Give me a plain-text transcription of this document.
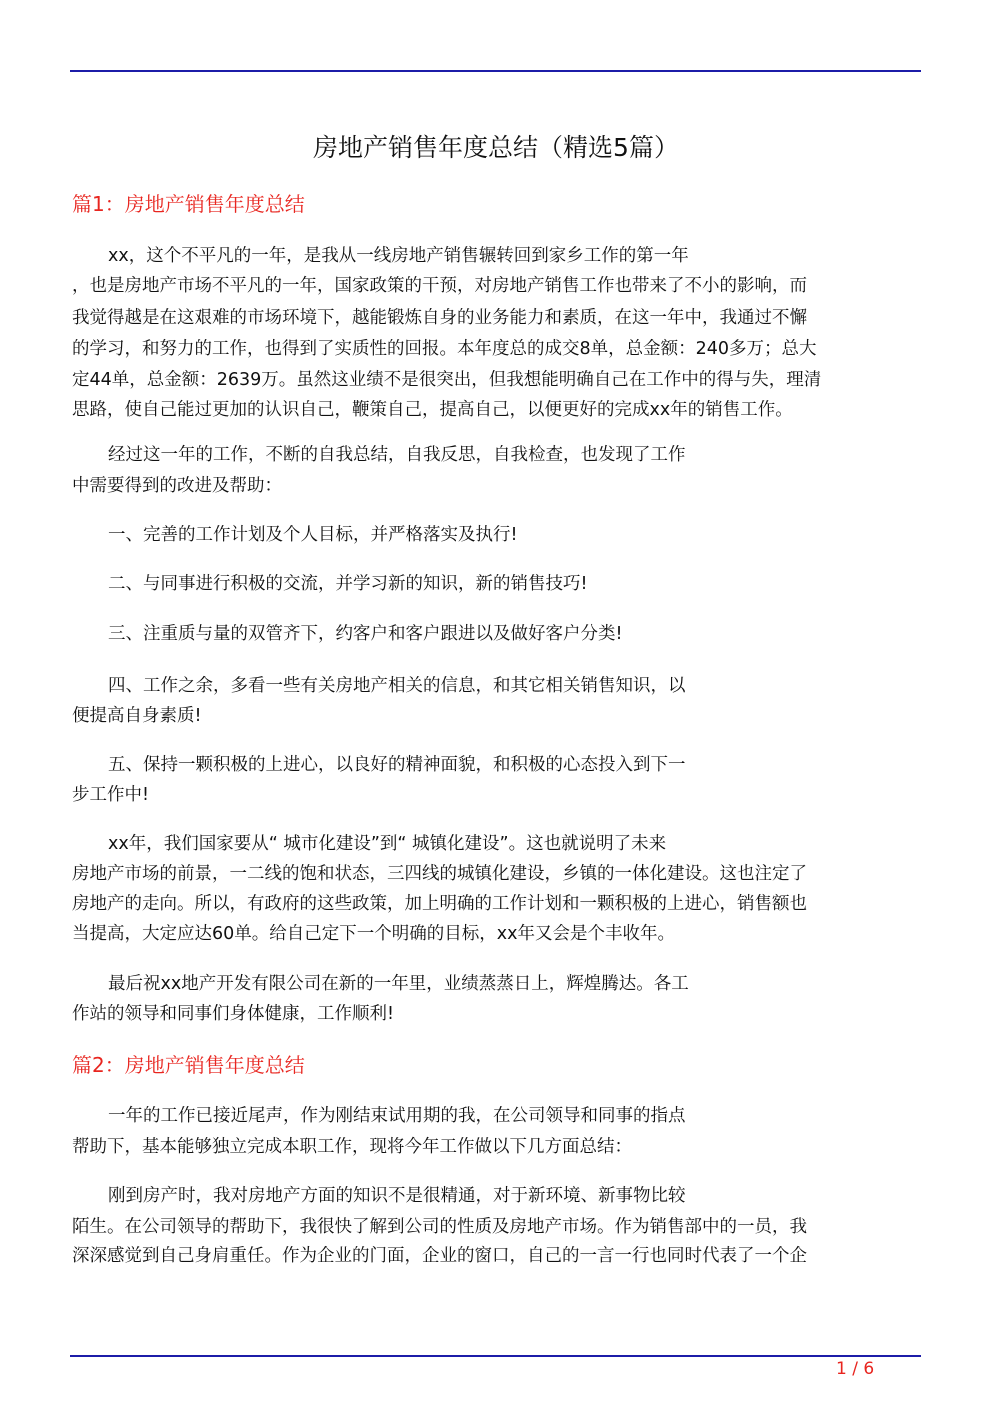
房地产销售年度总结（精选5篇）
篇1：房地产销售年度总结
xx，这个不平凡的一年，是我从一线房地产销售辗转回到家乡工作的第一年
，也是房地产市场不平凡的一年，国家政策的干预，对房地产销售工作也带来了不小的影响，而
我觉得越是在这艰难的市场环境下，越能锻炼自身的业务能力和素质，在这一年中，我通过不懈
的学习，和努力的工作，也得到了实质性的回报。本年度总的成交8单，总金额：240多万；总大
定44单，总金额：2639万。虽然这业绩不是很突出，但我想能明确自己在工作中的得与失，理清
思路，使自己能过更加的认识自己，鞭策自己，提高自己，以便更好的完成xx年的销售工作。
经过这一年的工作，不断的自我总结，自我反思，自我检查，也发现了工作
中需要得到的改进及帮助：
一、完善的工作计划及个人目标，并严格落实及执行!
二、与同事进行积极的交流，并学习新的知识，新的销售技巧!
三、注重质与量的双管齐下，约客户和客户跟进以及做好客户分类!
四、工作之余，多看一些有关房地产相关的信息，和其它相关销售知识，以
便提高自身素质!
五、保持一颗积极的上进心，以良好的精神面貌，和积极的心态投入到下一
步工作中!
xx年，我们国家要从“ 城市化建设”到“ 城镇化建设”。这也就说明了未来
房地产市场的前景，一二线的饱和状态，三四线的城镇化建设，乡镇的一体化建设。这也注定了
房地产的走向。所以，有政府的这些政策，加上明确的工作计划和一颗积极的上进心，销售额也
当提高，大定应达60单。给自己定下一个明确的目标，xx年又会是个丰收年。
最后祝xx地产开发有限公司在新的一年里，业绩蒸蒸日上，辉煌腾达。各工
作站的领导和同事们身体健康，工作顺利!
篇2：房地产销售年度总结
一年的工作已接近尾声，作为刚结束试用期的我，在公司领导和同事的指点
帮助下，基本能够独立完成本职工作，现将今年工作做以下几方面总结：
刚到房产时，我对房地产方面的知识不是很精通，对于新环境、新事物比较
陌生。在公司领导的帮助下，我很快了解到公司的性质及房地产市场。作为销售部中的一员，我
深深感觉到自己身肩重任。作为企业的门面，企业的窗口，自己的一言一行也同时代表了一个企
1 / 6
